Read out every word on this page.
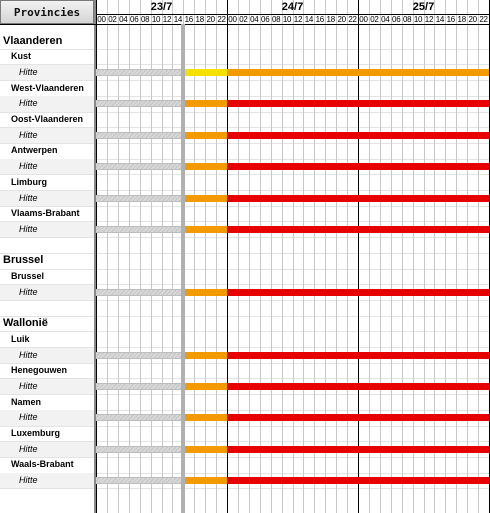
Provincies
Vlaanderen
Kust
Hitte
West-Vlaanderen
Hitte
Oost-Vlaanderen
Hitte
Antwerpen
Hitte
Limburg
Hitte
Vlaams-Brabant
Hitte
Brussel
Brussel
Hitte
Wallonië
Luik
Hitte
Henegouwen
Hitte
Namen
Hitte
Luxemburg
Hitte
Waals-Brabant
Hitte
23/7
00 02 04 06 08 10 12 14 16 18 20 22
24/7
00 02 04 06 08 10 12 14 16 18 20 22
25/7
00 02 04 06 08 10 12 14 16 18 20 22
